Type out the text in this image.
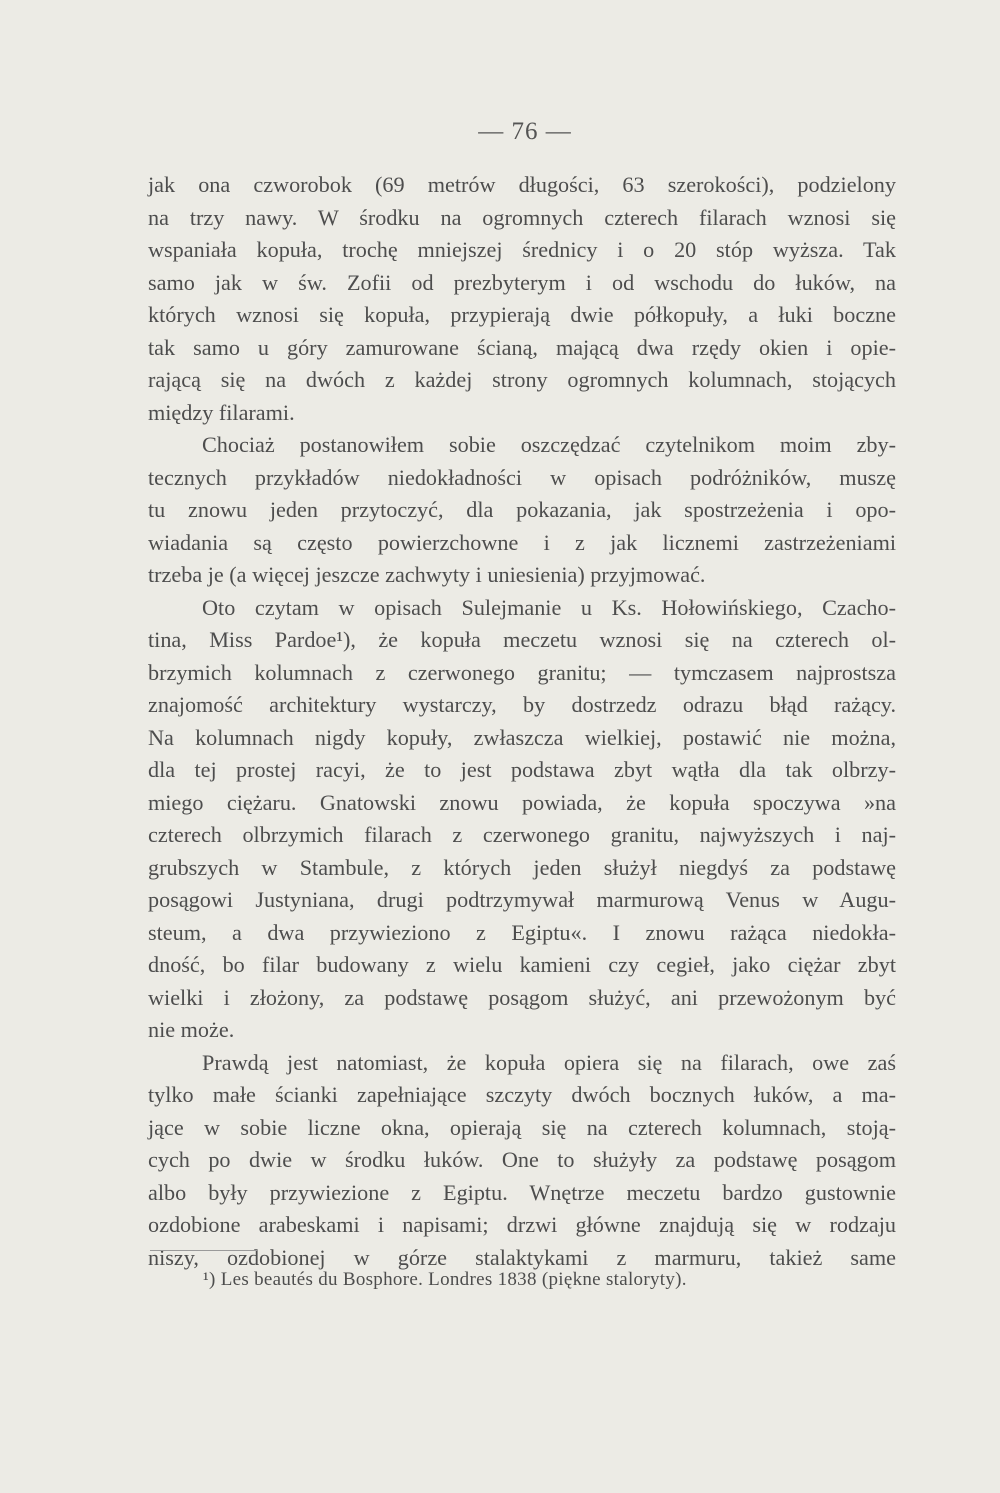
— 76 —
jak ona czworobok (69 metrów długości, 63 szerokości), podzielony
na trzy nawy. W środku na ogromnych czterech filarach wznosi się
wspaniała kopuła, trochę mniejszej średnicy i o 20 stóp wyższa. Tak
samo jak w św. Zofii od prezbyterym i od wschodu do łuków, na
których wznosi się kopuła, przypierają dwie półkopuły, a łuki boczne
tak samo u góry zamurowane ścianą, mającą dwa rzędy okien i opie-
rającą się na dwóch z każdej strony ogromnych kolumnach, stojących
między filarami.
Chociaż postanowiłem sobie oszczędzać czytelnikom moim zby-
tecznych przykładów niedokładności w opisach podróżników, muszę
tu znowu jeden przytoczyć, dla pokazania, jak spostrzeżenia i opo-
wiadania są często powierzchowne i z jak licznemi zastrzeżeniami
trzeba je (a więcej jeszcze zachwyty i uniesienia) przyjmować.
Oto czytam w opisach Sulejmanie u Ks. Hołowińskiego, Czacho-
tina, Miss Pardoe¹), że kopuła meczetu wznosi się na czterech ol-
brzymich kolumnach z czerwonego granitu; — tymczasem najprostsza
znajomość architektury wystarczy, by dostrzedz odrazu błąd rażący.
Na kolumnach nigdy kopuły, zwłaszcza wielkiej, postawić nie można,
dla tej prostej racyi, że to jest podstawa zbyt wątła dla tak olbrzy-
miego ciężaru. Gnatowski znowu powiada, że kopuła spoczywa »na
czterech olbrzymich filarach z czerwonego granitu, najwyższych i naj-
grubszych w Stambule, z których jeden służył niegdyś za podstawę
posągowi Justyniana, drugi podtrzymywał marmurową Venus w Augu-
steum, a dwa przywieziono z Egiptu«. I znowu rażąca niedokła-
dność, bo filar budowany z wielu kamieni czy cegieł, jako ciężar zbyt
wielki i złożony, za podstawę posągom służyć, ani przewożonym być
nie może.
Prawdą jest natomiast, że kopuła opiera się na filarach, owe zaś
tylko małe ścianki zapełniające szczyty dwóch bocznych łuków, a ma-
jące w sobie liczne okna, opierają się na czterech kolumnach, stoją-
cych po dwie w środku łuków. One to służyły za podstawę posągom
albo były przywiezione z Egiptu. Wnętrze meczetu bardzo gustownie
ozdobione arabeskami i napisami; drzwi główne znajdują się w rodzaju
niszy, ozdobionej w górze stalaktykami z marmuru, takież same
¹) Les beautés du Bosphore. Londres 1838 (piękne staloryty).
